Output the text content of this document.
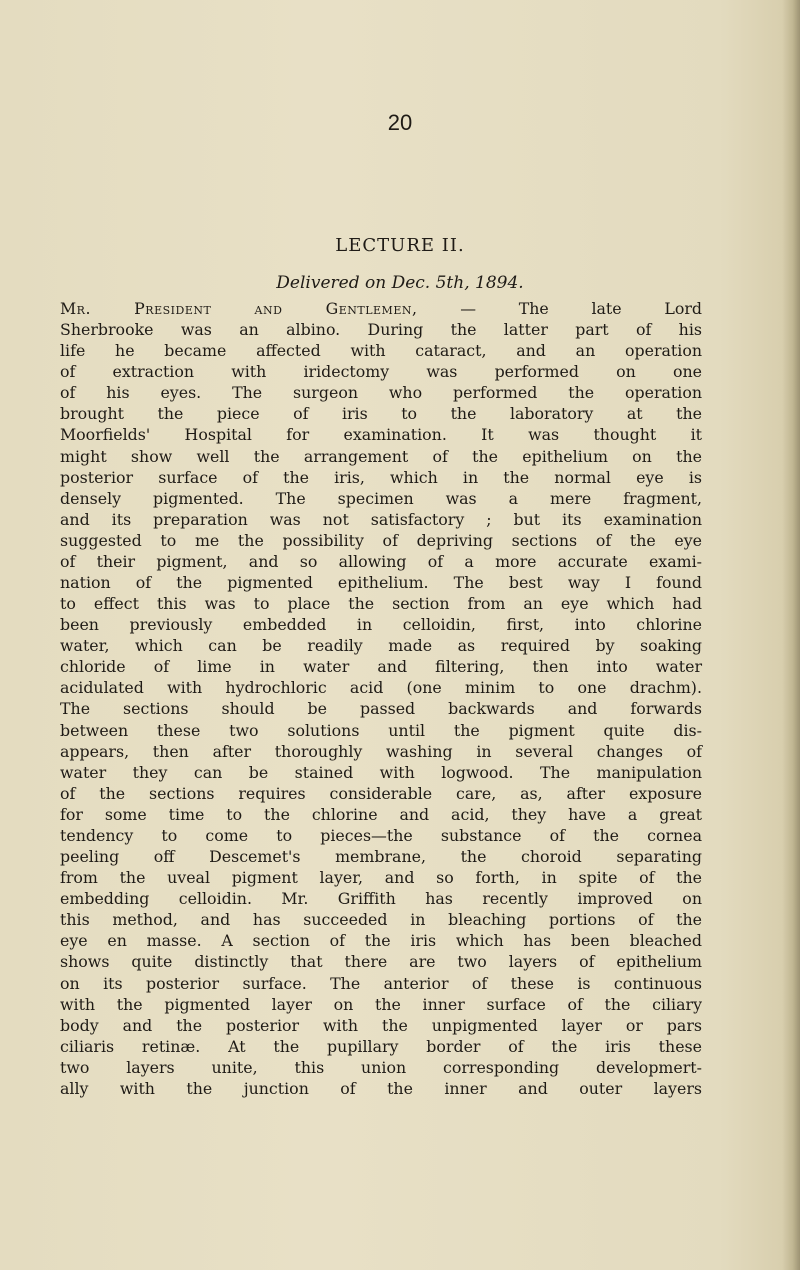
20
LECTURE II.
Delivered on Dec. 5th, 1894.
Mr. President and Gentlemen, — The late Lord
Sherbrooke was an albino. During the latter part of his
life he became affected with cataract, and an operation
of extraction with iridectomy was performed on one
of his eyes. The surgeon who performed the operation
brought the piece of iris to the laboratory at the
Moorfields' Hospital for examination. It was thought it
might show well the arrangement of the epithelium on the
posterior surface of the iris, which in the normal eye is
densely pigmented. The specimen was a mere fragment,
and its preparation was not satisfactory ; but its examination
suggested to me the possibility of depriving sections of the eye
of their pigment, and so allowing of a more accurate exami-
nation of the pigmented epithelium. The best way I found
to effect this was to place the section from an eye which had
been previously embedded in celloidin, first, into chlorine
water, which can be readily made as required by soaking
chloride of lime in water and filtering, then into water
acidulated with hydrochloric acid (one minim to one drachm).
The sections should be passed backwards and forwards
between these two solutions until the pigment quite dis-
appears, then after thoroughly washing in several changes of
water they can be stained with logwood. The manipulation
of the sections requires considerable care, as, after exposure
for some time to the chlorine and acid, they have a great
tendency to come to pieces—the substance of the cornea
peeling off Descemet's membrane, the choroid separating
from the uveal pigment layer, and so forth, in spite of the
embedding celloidin. Mr. Griffith has recently improved on
this method, and has succeeded in bleaching portions of the
eye en masse. A section of the iris which has been bleached
shows quite distinctly that there are two layers of epithelium
on its posterior surface. The anterior of these is continuous
with the pigmented layer on the inner surface of the ciliary
body and the posterior with the unpigmented layer or pars
ciliaris retinæ. At the pupillary border of the iris these
two layers unite, this union corresponding developmert-
ally with the junction of the inner and outer layers
